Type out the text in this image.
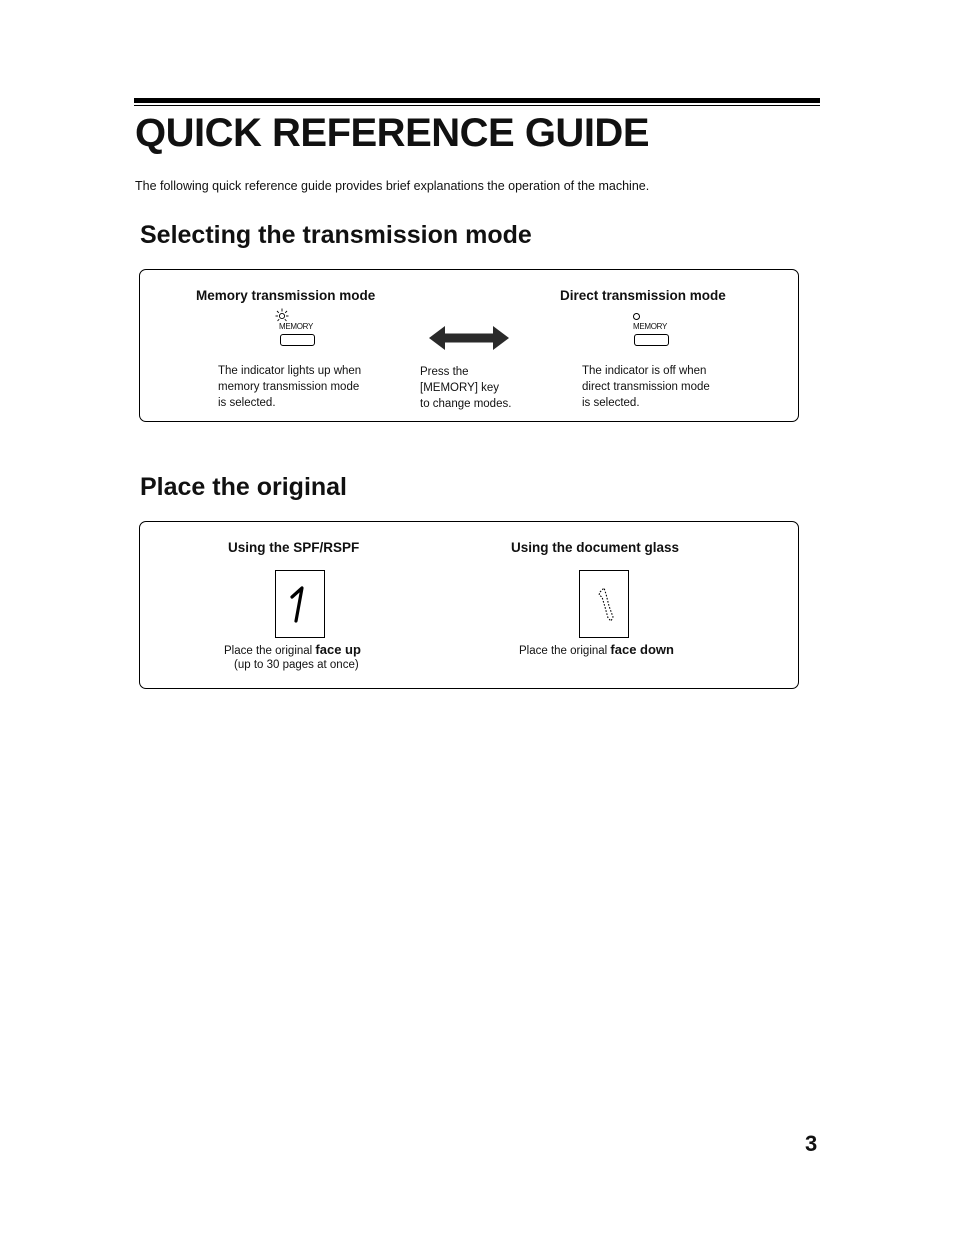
QUICK REFERENCE GUIDE

The following quick reference guide provides brief explanations the operation of the machine.

Selecting the transmission mode
Memory transmission mode
MEMORY
The indicator lights up when
memory transmission mode
is selected.
Press the
[MEMORY] key
to change modes.
Direct transmission mode
MEMORY
The indicator is off when
direct transmission mode
is selected.
Place the original
Using the SPF/RSPF
Place the original face up
(up to 30 pages at once)
Using the document glass
Place the original face down
3
